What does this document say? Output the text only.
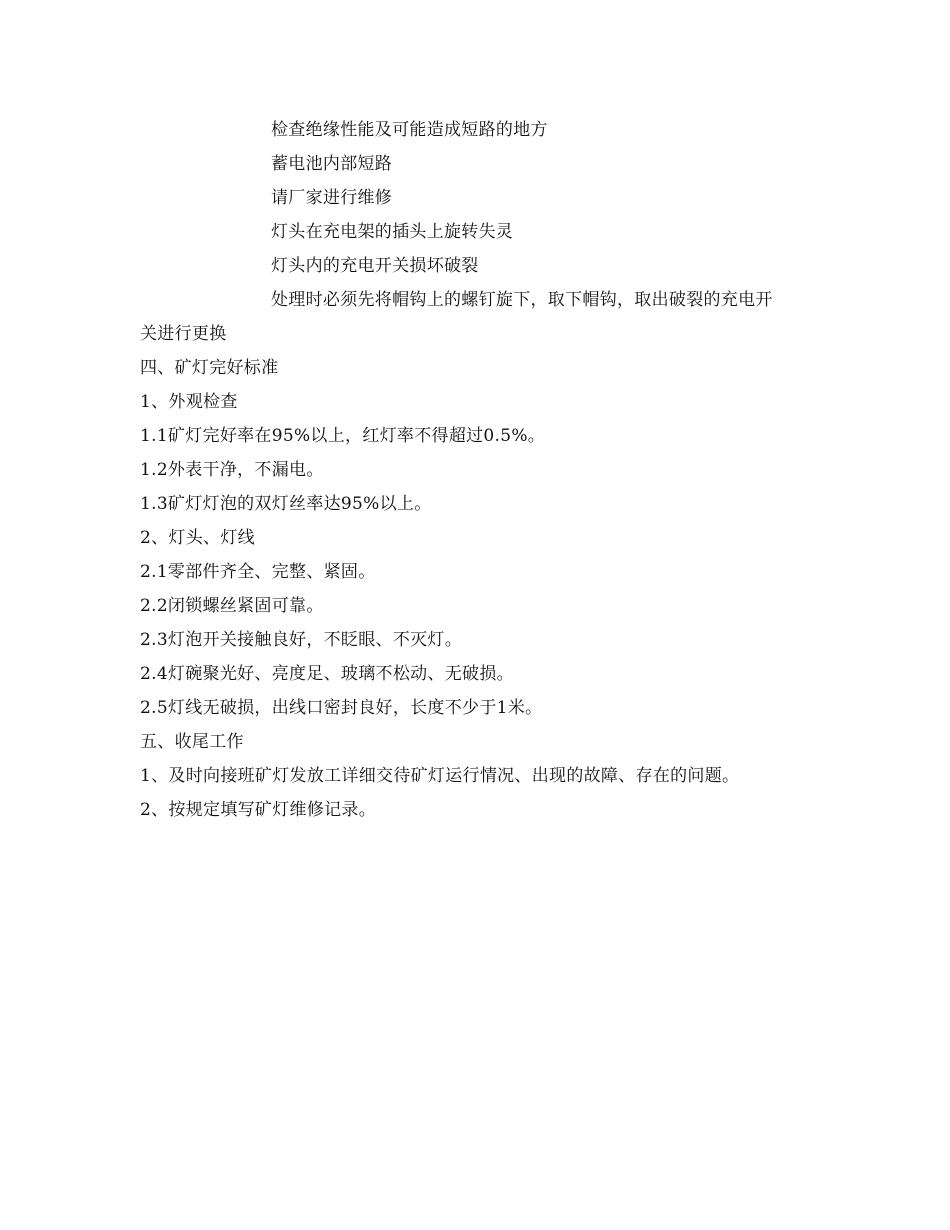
检查绝缘性能及可能造成短路的地方
蓄电池内部短路
请厂家进行维修
灯头在充电架的插头上旋转失灵
灯头内的充电开关损坏破裂
处理时必须先将帽钩上的螺钉旋下，取下帽钩，取出破裂的充电开
关进行更换
四、矿灯完好标准
1、外观检查
1.1矿灯完好率在95%以上，红灯率不得超过0.5%。
1.2外表干净，不漏电。
1.3矿灯灯泡的双灯丝率达95%以上。
2、灯头、灯线
2.1零部件齐全、完整、紧固。
2.2闭锁螺丝紧固可靠。
2.3灯泡开关接触良好，不眨眼、不灭灯。
2.4灯碗聚光好、亮度足、玻璃不松动、无破损。
2.5灯线无破损，出线口密封良好，长度不少于1米。
五、收尾工作
1、及时向接班矿灯发放工详细交待矿灯运行情况、出现的故障、存在的问题。
2、按规定填写矿灯维修记录。
